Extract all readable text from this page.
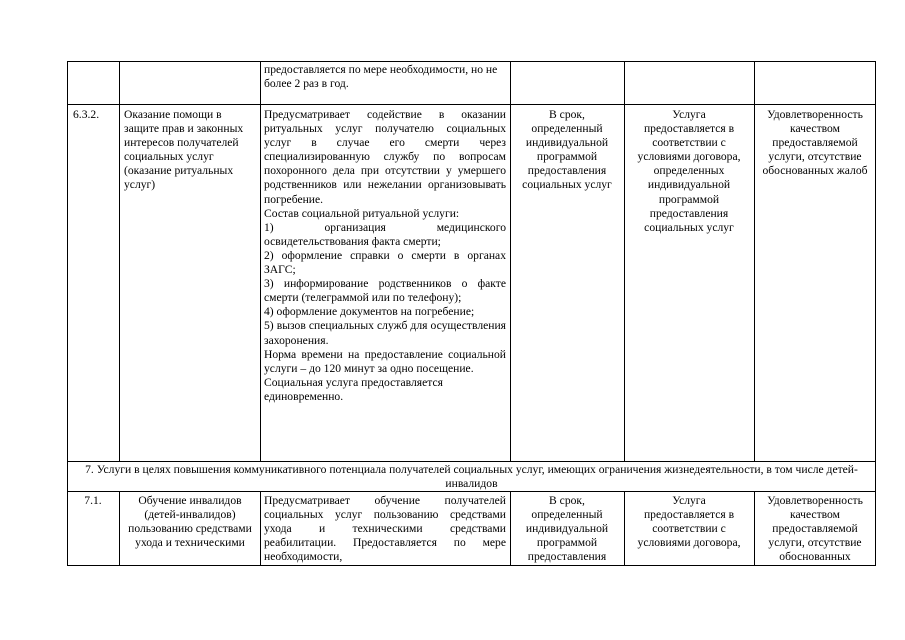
предоставляется по мере необходимости, но не более 2 раз в год.
6.3.2.	Оказание помощи в защите прав и законных интересов получателей социальных услуг (оказание ритуальных услуг)
Предусматривает содействие в оказании ритуальных услуг получателю социальных услуг в случае его смерти через специализированную службу по вопросам похоронного дела при отсутствии у умершего родственников или нежелании организовывать погребение.
Состав социальной ритуальной услуги:
1) организация медицинского освидетельствования факта смерти;
2) оформление справки о смерти в органах ЗАГС;
3) информирование родственников о факте смерти (телеграммой или по телефону);
4) оформление документов на погребение;
5) вызов специальных служб для осуществления захоронения.
Норма времени на предоставление социальной услуги – до 120 минут за одно посещение.
Социальная услуга предоставляется единовременно.
В срок, определенный индивидуальной программой предоставления социальных услуг
Услуга предоставляется в соответствии с условиями договора, определенных индивидуальной программой предоставления социальных услуг
Удовлетворенность качеством предоставляемой услуги, отсутствие обоснованных жалоб
7. Услуги в целях повышения коммуникативного потенциала получателей социальных услуг, имеющих ограничения жизнедеятельности, в том числе детей-инвалидов
7.1.	Обучение инвалидов (детей-инвалидов) пользованию средствами ухода и техническими
Предусматривает обучение получателей социальных услуг пользованию средствами ухода и техническими средствами реабилитации. Предоставляется по мере необходимости,
В срок, определенный индивидуальной программой предоставления
Услуга предоставляется в соответствии с условиями договора,
Удовлетворенность качеством предоставляемой услуги, отсутствие обоснованных
